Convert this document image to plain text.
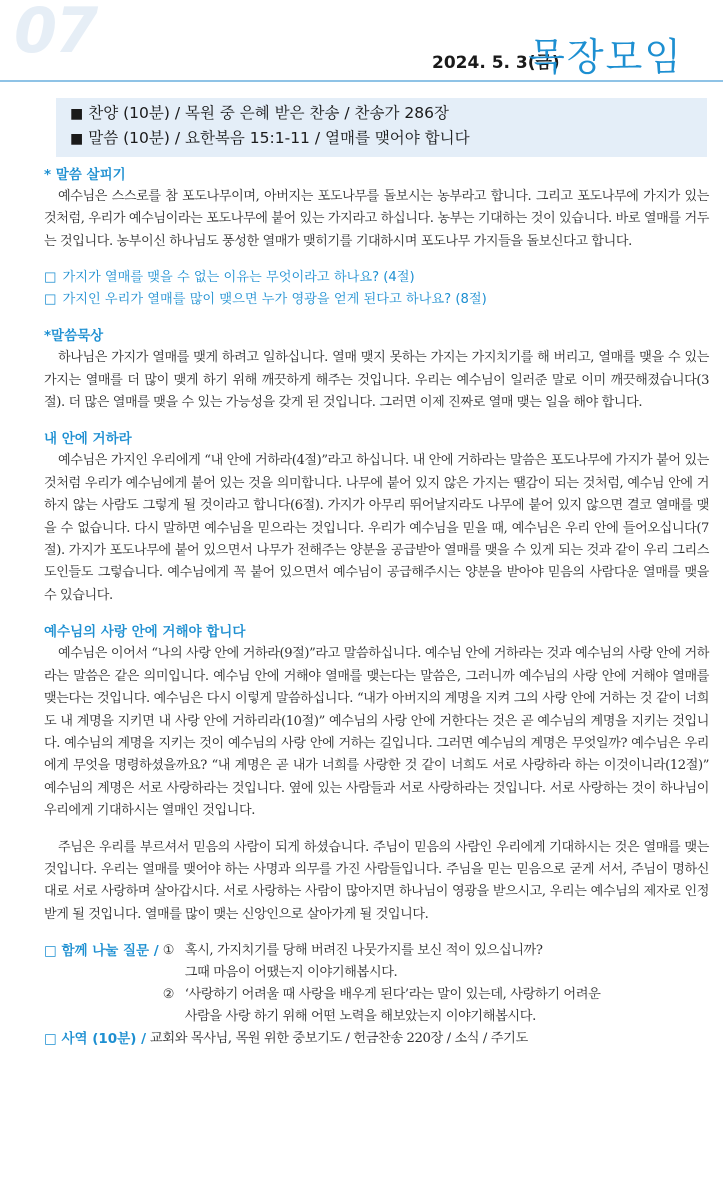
07	2024. 5. 3(금)
목장모임
■ 찬양 (10분) / 목원 중 은혜 받은 찬송 / 찬송가 286장
■ 말씀 (10분) / 요한복음 15:1-11 / 열매를 맺어야 합니다
* 말씀 살피기

예수님은 스스로를 참 포도나무이며, 아버지는 포도나무를 돌보시는 농부라고 합니다. 그리고 포도나무에 가지가 있는 것처럼, 우리가 예수님이라는 포도나무에 붙어 있는 가지라고 하십니다. 농부는 기대하는 것이 있습니다. 바로 열매를 거두는 것입니다. 농부이신 하나님도 풍성한 열매가 맺히기를 기대하시며 포도나무 가지들을 돌보신다고 합니다.

□ 가지가 열매를 맺을 수 없는 이유는 무엇이라고 하나요? (4절)
□ 가지인 우리가 열매를 많이 맺으면 누가 영광을 얻게 된다고 하나요? (8절)
*말씀묵상

하나님은 가지가 열매를 맺게 하려고 일하십니다. 열매 맺지 못하는 가지는 가지치기를 해 버리고, 열매를 맺을 수 있는 가지는 열매를 더 많이 맺게 하기 위해 깨끗하게 해주는 것입니다. 우리는 예수님이 일러준 말로 이미 깨끗해졌습니다(3절). 더 많은 열매를 맺을 수 있는 가능성을 갖게 된 것입니다. 그러면 이제 진짜로 열매 맺는 일을 해야 합니다.

내 안에 거하라

예수님은 가지인 우리에게 “내 안에 거하라(4절)”라고 하십니다. 내 안에 거하라는 말씀은 포도나무에 가지가 붙어 있는 것처럼 우리가 예수님에게 붙어 있는 것을 의미합니다. 나무에 붙어 있지 않은 가지는 땔감이 되는 것처럼, 예수님 안에 거하지 않는 사람도 그렇게 될 것이라고 합니다(6절). 가지가 아무리 뛰어날지라도 나무에 붙어 있지 않으면 결코 열매를 맺을 수 없습니다. 다시 말하면 예수님을 믿으라는 것입니다. 우리가 예수님을 믿을 때, 예수님은 우리 안에 들어오십니다(7절). 가지가 포도나무에 붙어 있으면서 나무가 전해주는 양분을 공급받아 열매를 맺을 수 있게 되는 것과 같이 우리 그리스도인들도 그렇습니다. 예수님에게 꼭 붙어 있으면서 예수님이 공급해주시는 양분을 받아야 믿음의 사람다운 열매를 맺을 수 있습니다.

예수님의 사랑 안에 거해야 합니다

예수님은 이어서 “나의 사랑 안에 거하라(9절)”라고 말씀하십니다. 예수님 안에 거하라는 것과 예수님의 사랑 안에 거하라는 말씀은 같은 의미입니다. 예수님 안에 거해야 열매를 맺는다는 말씀은, 그러니까 예수님의 사랑 안에 거해야 열매를 맺는다는 것입니다. 예수님은 다시 이렇게 말씀하십니다. “내가 아버지의 계명을 지켜 그의 사랑 안에 거하는 것 같이 너희도 내 계명을 지키면 내 사랑 안에 거하리라(10절)” 예수님의 사랑 안에 거한다는 것은 곧 예수님의 계명을 지키는 것입니다. 예수님의 계명을 지키는 것이 예수님의 사랑 안에 거하는 길입니다. 그러면 예수님의 계명은 무엇일까? 예수님은 우리에게 무엇을 명령하셨을까요? “내 계명은 곧 내가 너희를 사랑한 것 같이 너희도 서로 사랑하라 하는 이것이니라(12절)” 예수님의 계명은 서로 사랑하라는 것입니다. 옆에 있는 사람들과 서로 사랑하라는 것입니다. 서로 사랑하는 것이 하나님이 우리에게 기대하시는 열매인 것입니다.

주님은 우리를 부르셔서 믿음의 사람이 되게 하셨습니다. 주님이 믿음의 사람인 우리에게 기대하시는 것은 열매를 맺는 것입니다. 우리는 열매를 맺어야 하는 사명과 의무를 가진 사람들입니다. 주님을 믿는 믿음으로 굳게 서서, 주님이 명하신 대로 서로 사랑하며 살아갑시다. 서로 사랑하는 사람이 많아지면 하나님이 영광을 받으시고, 우리는 예수님의 제자로 인정받게 될 것입니다. 열매를 많이 맺는 신앙인으로 살아가게 될 것입니다.

□ 함께 나눌 질문 / ① 혹시, 가지치기를 당해 버려진 나뭇가지를 보신 적이 있으십니까?

그때 마음이 어땠는지 이야기해봅시다.

② ‘사랑하기 어려울 때 사랑을 배우게 된다’라는 말이 있는데, 사랑하기 어려운

사람을 사랑 하기 위해 어떤 노력을 해보았는지 이야기해봅시다.

□ 사역 (10분) / 교회와 목사님, 목원 위한 중보기도 / 헌금찬송 220장 / 소식 / 주기도
